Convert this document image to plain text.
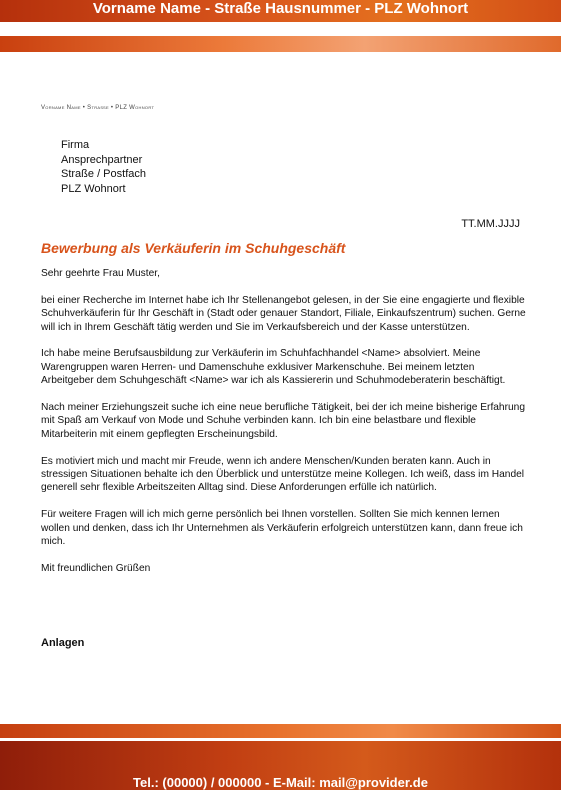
Vorname Name - Straße Hausnummer - PLZ Wohnort
Vorname Name • Straße • PLZ Wohnort
Firma
Ansprechpartner
Straße / Postfach
PLZ Wohnort
TT.MM.JJJJ
Bewerbung als Verkäuferin im Schuhgeschäft

Sehr geehrte Frau Muster,

bei einer Recherche im Internet habe ich Ihr Stellenangebot gelesen, in der Sie eine engagierte und flexible Schuhverkäuferin für Ihr Geschäft in (Stadt oder genauer Standort, Filiale, Einkaufszentrum) suchen. Gerne will ich in Ihrem Geschäft tätig werden und Sie im Verkaufsbereich und der Kasse unterstützen.

Ich habe meine Berufsausbildung zur Verkäuferin im Schuhfachhandel <Name> absolviert. Meine Warengruppen waren Herren- und Damenschuhe exklusiver Markenschuhe. Bei meinem letzten Arbeitgeber dem Schuhgeschäft <Name> war ich als Kassiererin und Schuhmodeberaterin beschäftigt.

Nach meiner Erziehungszeit suche ich eine neue berufliche Tätigkeit, bei der ich meine bisherige Erfahrung mit Spaß am Verkauf von Mode und Schuhe verbinden kann. Ich bin eine belastbare und flexible Mitarbeiterin mit einem gepflegten Erscheinungsbild.

Es motiviert mich und macht mir Freude, wenn ich andere Menschen/Kunden beraten kann. Auch in stressigen Situationen behalte ich den Überblick und unterstütze meine Kollegen. Ich weiß, dass im Handel generell sehr flexible Arbeitszeiten Alltag sind. Diese Anforderungen erfülle ich natürlich.

Für weitere Fragen will ich mich gerne persönlich bei Ihnen vorstellen. Sollten Sie mich kennen lernen wollen und denken, dass ich Ihr Unternehmen als Verkäuferin erfolgreich unterstützen kann, dann freue ich mich.

Mit freundlichen Grüßen

Anlagen
Tel.: (00000) / 000000 - E-Mail: mail@provider.de
